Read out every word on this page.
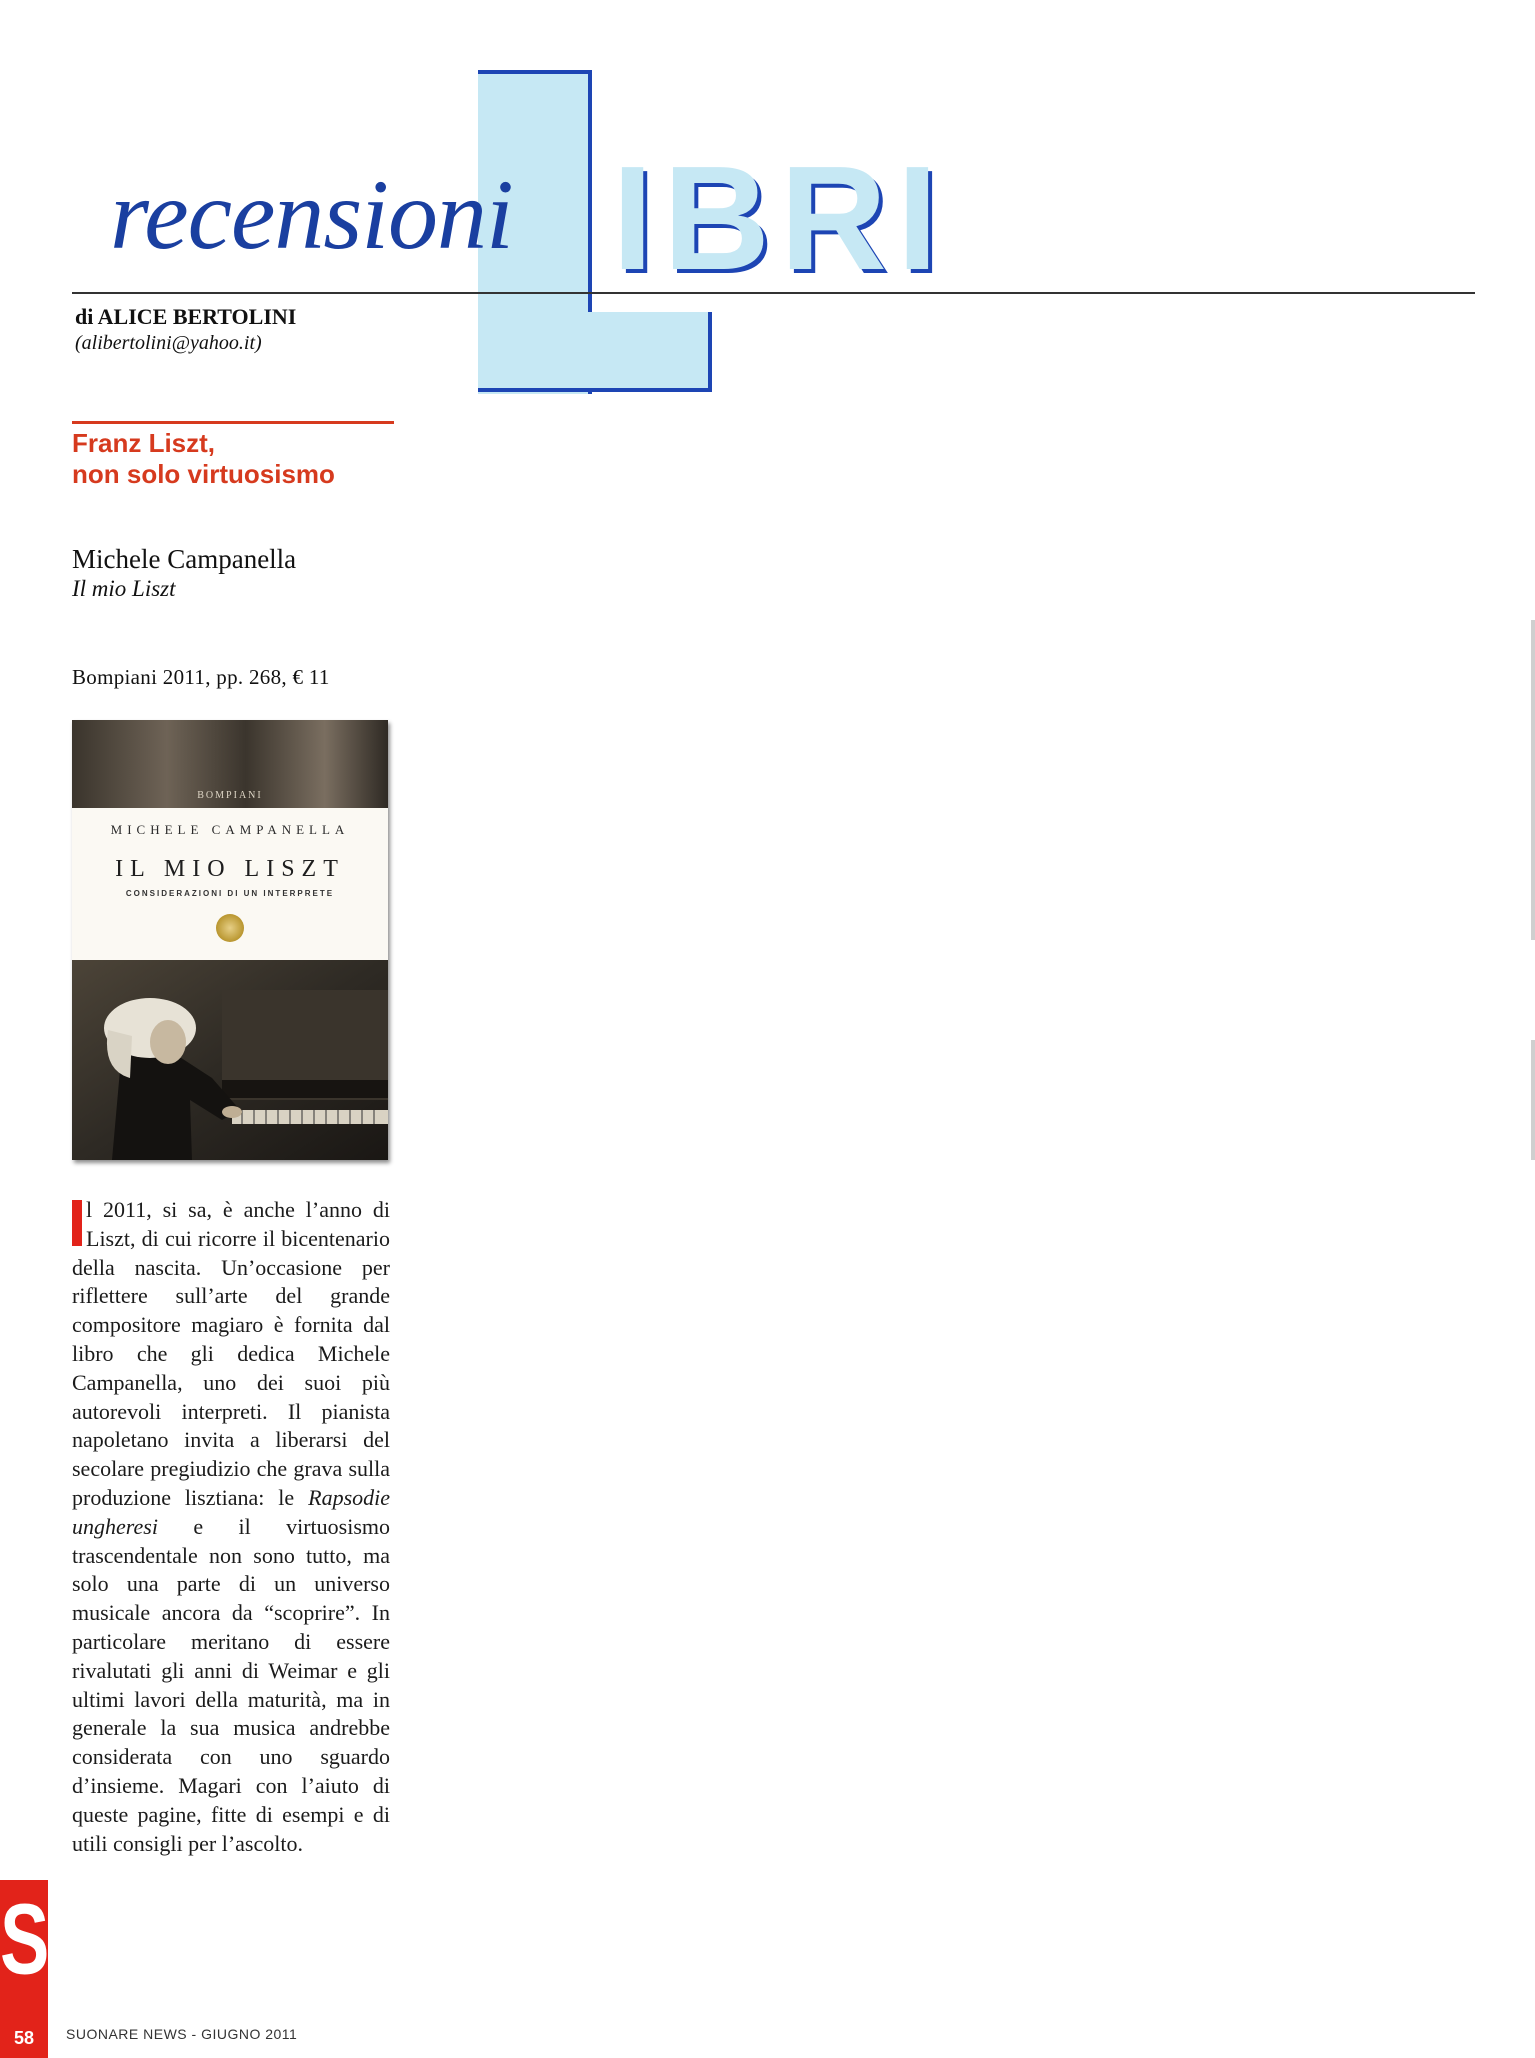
IBRI
recensioni
di ALICE BERTOLINI
(alibertolini@yahoo.it)
Franz Liszt,
non solo virtuosismo
Michele Campanella
Il mio Liszt
Bompiani 2011, pp. 268, € 11
BOMPIANI
MICHELE CAMPANELLA
IL MIO LISZT
CONSIDERAZIONI DI UN INTERPRETE
l 2011, si sa, è anche l’anno di Liszt, di cui ricorre il bicentenario della nascita. Un’occasione per riflettere sull’arte del grande compositore magiaro è fornita dal libro che gli dedica Michele Campanella, uno dei suoi più autorevoli interpreti. Il pianista napoletano invita a liberarsi del secolare pregiudizio che grava sulla produzione lisztiana: le Rapsodie ungheresi e il virtuosismo trascendentale non sono tutto, ma solo una parte di un universo musicale ancora da “scoprire”. In particolare meritano di essere rivalutati gli anni di Weimar e gli ultimi lavori della maturità, ma in generale la sua musica andrebbe considerata con uno sguardo d’insieme. Magari con l’aiuto di queste pagine, fitte di esempi e di utili consigli per l’ascolto.
S
58	SUONARE NEWS - GIUGNO 2011
